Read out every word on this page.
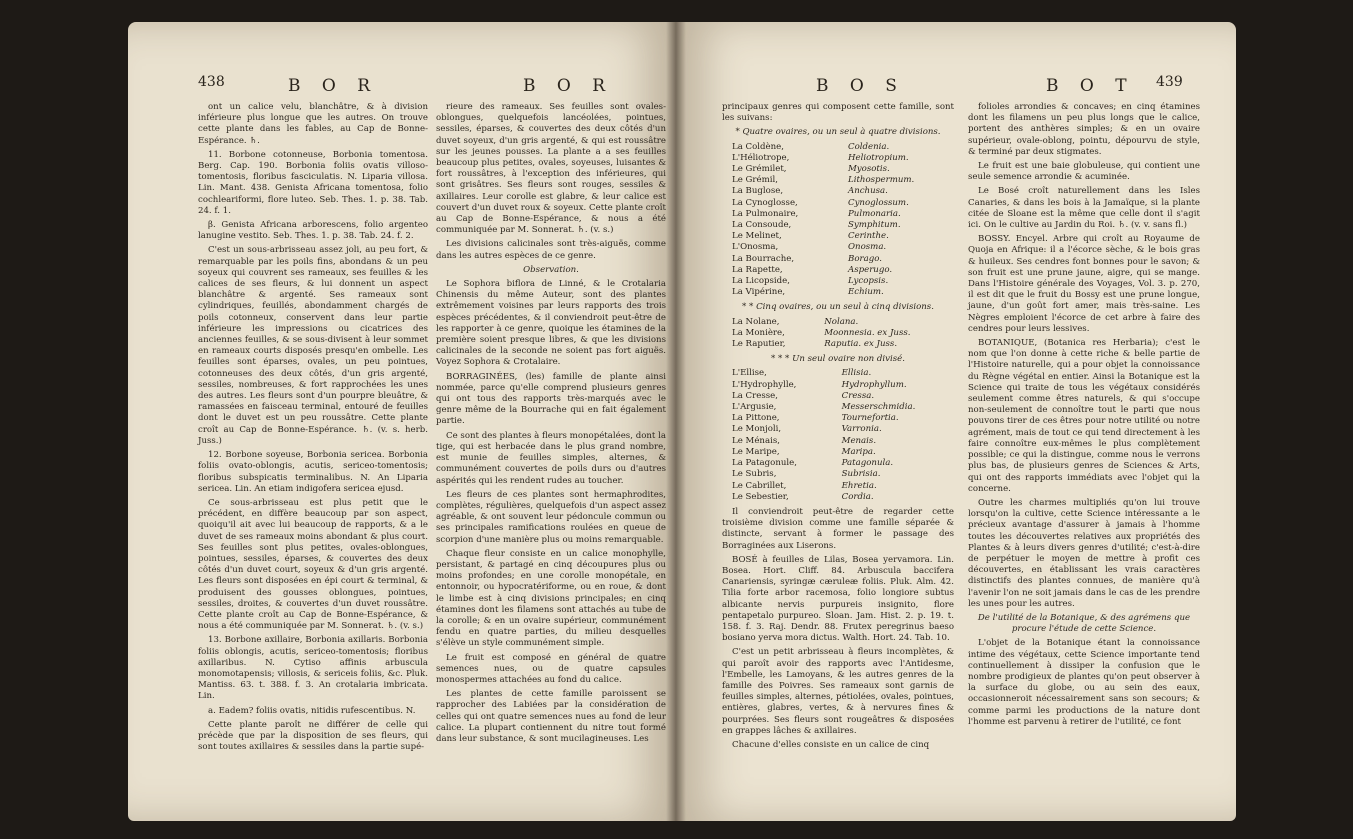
438	B O R	B O R

ont un calice velu, blanchâtre, & à division inférieure plus longue que les autres. On trouve cette plante dans les fables, au Cap de Bonne-Espérance. ♄.

11. Borbone cotonneuse, Borbonia tomentosa. Berg. Cap. 190. Borbonia foliis ovatis villoso-tomentosis, floribus fasciculatis. N. Liparia villosa. Lin. Mant. 438. Genista Africana tomentosa, folio cochleariformi, flore luteo. Seb. Thes. 1. p. 38. Tab. 24. f. 1.

β. Genista Africana arborescens, folio argenteo lanugine vestito. Seb. Thes. 1. p. 38. Tab. 24. f. 2.

C'est un sous-arbrisseau assez joli, au peu fort, & remarquable par les poils fins, abondans & un peu soyeux qui couvrent ses rameaux, ses feuilles & les calices de ses fleurs, & lui donnent un aspect blanchâtre & argenté. Ses rameaux sont cylindriques, feuillés, abondamment chargés de poils cotonneux, conservent dans leur partie inférieure les impressions ou cicatrices des anciennes feuilles, & se sous-divisent à leur sommet en rameaux courts disposés presqu'en ombelle. Les feuilles sont éparses, ovales, un peu pointues, cotonneuses des deux côtés, d'un gris argenté, sessiles, nombreuses, & fort rapprochées les unes des autres. Les fleurs sont d'un pourpre bleuâtre, & ramassées en faisceau terminal, entouré de feuilles dont le duvet est un peu roussâtre. Cette plante croît au Cap de Bonne-Espérance. ♄. (v. s. herb. Juss.)

12. Borbone soyeuse, Borbonia sericea. Borbonia foliis ovato-oblongis, acutis, sericeo-tomentosis; floribus subspicatis terminalibus. N. An Liparia sericea. Lin. An etiam indigofera sericea ejusd.

Ce sous-arbrisseau est plus petit que le précédent, en diffère beaucoup par son aspect, quoiqu'il ait avec lui beaucoup de rapports, & a le duvet de ses rameaux moins abondant & plus court. Ses feuilles sont plus petites, ovales-oblongues, pointues, sessiles, éparses, & couvertes des deux côtés d'un duvet court, soyeux & d'un gris argenté. Les fleurs sont disposées en épi court & terminal, & produisent des gousses oblongues, pointues, sessiles, droites, & couvertes d'un duvet roussâtre. Cette plante croît au Cap de Bonne-Espérance, & nous a été communiquée par M. Sonnerat. ♄. (v. s.)

13. Borbone axillaire, Borbonia axillaris. Borbonia foliis oblongis, acutis, sericeo-tomentosis; floribus axillaribus. N. Cytiso affinis arbuscula monomotapensis; villosis, & sericeis foliis, &c. Pluk. Mantiss. 63. t. 388. f. 3. An crotalaria imbricata. Lin.

a. Eadem? foliis ovatis, nitidis rufescentibus. N.

Cette plante paroît ne différer de celle qui précède que par la disposition de ses fleurs, qui sont toutes axillaires & sessiles dans la partie supé-

rieure des rameaux. Ses feuilles sont ovales-oblongues, quelquefois lancéolées, pointues, sessiles, éparses, & couvertes des deux côtés d'un duvet soyeux, d'un gris argenté, & qui est roussâtre sur les jeunes pousses. La plante a a ses feuilles beaucoup plus petites, ovales, soyeuses, luisantes & fort roussâtres, à l'exception des inférieures, qui sont grisâtres. Ses fleurs sont rouges, sessiles & axillaires. Leur corolle est glabre, & leur calice est couvert d'un duvet roux & soyeux. Cette plante croît au Cap de Bonne-Espérance, & nous a été communiquée par M. Sonnerat. ♄. (v. s.)

Les divisions calicinales sont très-aiguës, comme dans les autres espèces de ce genre.

Observation.

Le Sophora biflora de Linné, & le Crotalaria Chinensis du même Auteur, sont des plantes extrêmement voisines par leurs rapports des trois espèces précédentes, & il conviendroit peut-être de les rapporter à ce genre, quoique les étamines de la première soient presque libres, & que les divisions calicinales de la seconde ne soient pas fort aiguës. Voyez Sophora & Crotalaire.

BORRAGINÉES, (les) famille de plante ainsi nommée, parce qu'elle comprend plusieurs genres qui ont tous des rapports très-marqués avec le genre même de la Bourrache qui en fait également partie.

Ce sont des plantes à fleurs monopétalées, dont la tige, qui est herbacée dans le plus grand nombre, est munie de feuilles simples, alternes, & communément couvertes de poils durs ou d'autres aspérités qui les rendent rudes au toucher.

Les fleurs de ces plantes sont hermaphrodites, complètes, régulières, quelquefois d'un aspect assez agréable, & ont souvent leur pédoncule commun ou ses principales ramifications roulées en queue de scorpion d'une manière plus ou moins remarquable.

Chaque fleur consiste en un calice monophylle, persistant, & partagé en cinq découpures plus ou moins profondes; en une corolle monopétale, en entonnoir, ou hypocratériforme, ou en roue, & dont le limbe est à cinq divisions principales; en cinq étamines dont les filamens sont attachés au tube de la corolle; & en un ovaire supérieur, communément fendu en quatre parties, du milieu desquelles s'élève un style communément simple.

Le fruit est composé en général de quatre semences nues, ou de quatre capsules monospermes attachées au fond du calice.

Les plantes de cette famille paroissent se rapprocher des Labiées par la considération de celles qui ont quatre semences nues au fond de leur calice. La plupart contiennent du nitre tout formé dans leur substance, & sont mucilagineuses. Les

B O S	B O T 439

principaux genres qui composent cette famille, sont les suivans:

* Quatre ovaires, ou un seul à quatre divisions.

La Coldène,	Coldenia.
L'Héliotrope,	Heliotropium.
Le Grémilet,	Myosotis.
Le Grémil,	Lithospermum.
La Buglose,	Anchusa.
La Cynoglosse,	Cynoglossum.
La Pulmonaire,	Pulmonaria.
La Consoude,	Symphitum.
Le Melinet,	Cerinthe.
L'Onosma,	Onosma.
La Bourrache,	Borago.
La Rapette,	Asperugo.
La Licopside,	Lycopsis.
La Vipérine,	Echium.

* * Cinq ovaires, ou un seul à cinq divisions.

La Nolane,	Nolana.
La Monière,	Moonnesia. ex Juss.
Le Raputier,	Raputia. ex Juss.

* * * Un seul ovaire non divisé.

L'Ellise,	Ellisia.
L'Hydrophylle,	Hydrophyllum.
La Cresse,	Cressa.
L'Argusie,	Messerschmidia.
La Pittone,	Tournefortia.
Le Monjoli,	Varronia.
Le Ménais,	Menais.
Le Maripe,	Maripa.
La Patagonule,	Patagonula.
Le Subris,	Subrisia.
Le Cabrillet,	Ehretia.
Le Sebestier,	Cordia.

Il conviendroit peut-être de regarder cette troisième division comme une famille séparée & distincte, servant à former le passage des Borraginées aux Liserons.

BOSÉ à feuilles de Lilas, Bosea yervamora. Lin. Bosea. Hort. Cliff. 84. Arbuscula baccifera Canariensis, syringæ cæruleæ foliis. Pluk. Alm. 42. Tilia forte arbor racemosa, folio longiore subtus albicante nervis purpureis insignito, flore pentapetalo purpureo. Sloan. Jam. Hist. 2. p. 19. t. 158. f. 3. Raj. Dendr. 88. Frutex peregrinus baeso bosiano yerva mora dictus. Walth. Hort. 24. Tab. 10.

C'est un petit arbrisseau à fleurs incomplètes, & qui paroît avoir des rapports avec l'Antidesme, l'Embelle, les Lamoyans, & les autres genres de la famille des Poivres. Ses rameaux sont garnis de feuilles simples, alternes, pétiolées, ovales, pointues, entières, glabres, vertes, & à nervures fines & pourprées. Ses fleurs sont rougeâtres & disposées en grappes lâches & axillaires.

Chacune d'elles consiste en un calice de cinq

folioles arrondies & concaves; en cinq étamines dont les filamens un peu plus longs que le calice, portent des anthères simples; & en un ovaire supérieur, ovale-oblong, pointu, dépourvu de style, & terminé par deux stigmates.

Le fruit est une baie globuleuse, qui contient une seule semence arrondie & acuminée.

Le Bosé croît naturellement dans les Isles Canaries, & dans les bois à la Jamaïque, si la plante citée de Sloane est la même que celle dont il s'agit ici. On le cultive au Jardin du Roi. ♄. (v. v. sans fl.)

BOSSY. Encyel. Arbre qui croît au Royaume de Quoja en Afrique: il a l'écorce sèche, & le bois gras & huileux. Ses cendres font bonnes pour le savon; & son fruit est une prune jaune, aigre, qui se mange. Dans l'Histoire générale des Voyages, Vol. 3. p. 270, il est dit que le fruit du Bossy est une prune longue, jaune, d'un goût fort amer, mais très-saine. Les Nègres emploient l'écorce de cet arbre à faire des cendres pour leurs lessives.

BOTANIQUE, (Botanica res Herbaria); c'est le nom que l'on donne à cette riche & belle partie de l'Histoire naturelle, qui a pour objet la connoissance du Règne végétal en entier. Ainsi la Botanique est la Science qui traite de tous les végétaux considérés seulement comme êtres naturels, & qui s'occupe non-seulement de connoître tout le parti que nous pouvons tirer de ces êtres pour notre utilité ou notre agrément, mais de tout ce qui tend directement à les faire connoître eux-mêmes le plus complètement possible; ce qui la distingue, comme nous le verrons plus bas, de plusieurs genres de Sciences & Arts, qui ont des rapports immédiats avec l'objet qui la concerne.

Outre les charmes multipliés qu'on lui trouve lorsqu'on la cultive, cette Science intéressante a le précieux avantage d'assurer à jamais à l'homme toutes les découvertes relatives aux propriétés des Plantes & à leurs divers genres d'utilité; c'est-à-dire de perpétuer le moyen de mettre à profit ces découvertes, en établissant les vrais caractères distinctifs des plantes connues, de manière qu'à l'avenir l'on ne soit jamais dans le cas de les prendre les unes pour les autres.

De l'utilité de la Botanique, & des agrémens que procure l'étude de cette Science.

L'objet de la Botanique étant la connoissance intime des végétaux, cette Science importante tend continuellement à dissiper la confusion que le nombre prodigieux de plantes qu'on peut observer à la surface du globe, ou au sein des eaux, occasionneroit nécessairement sans son secours; & comme parmi les productions de la nature dont l'homme est parvenu à retirer de l'utilité, ce font
